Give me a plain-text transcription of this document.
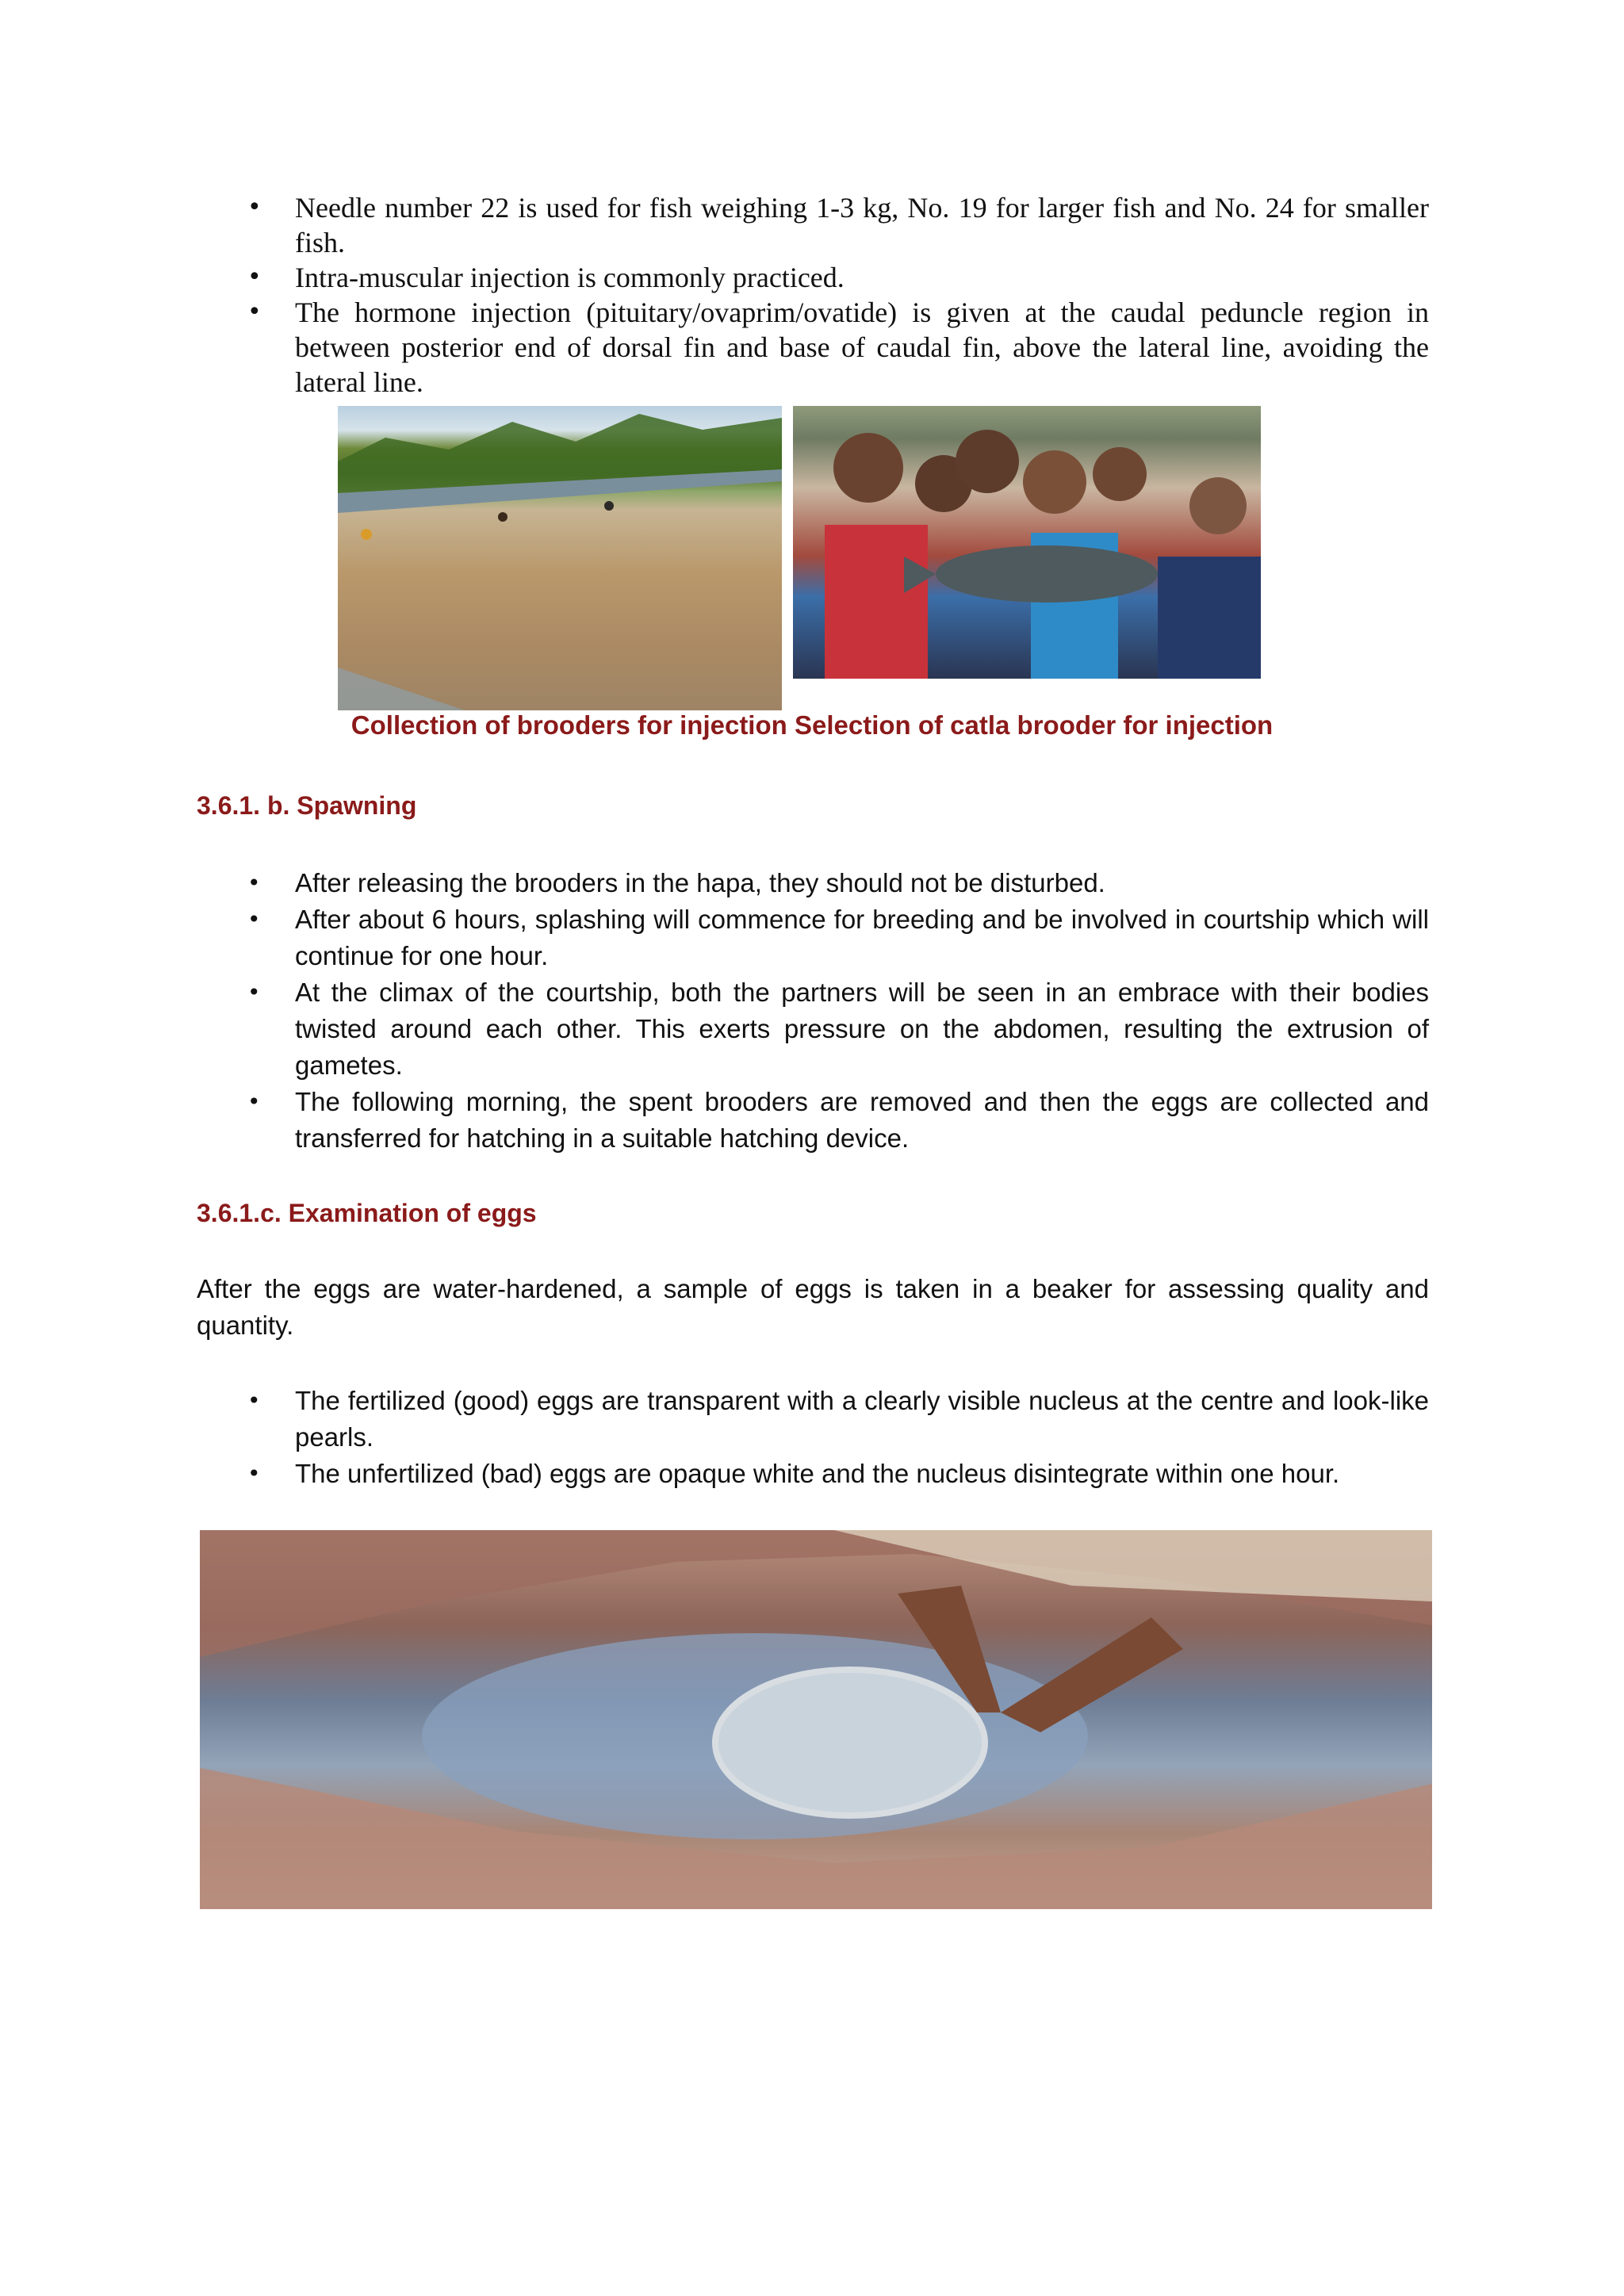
• Needle number 22 is used for fish weighing 1-3 kg, No. 19 for larger fish and No. 24 for smaller fish.

• Intra-muscular injection is commonly practiced.

• The hormone injection (pituitary/ovaprim/ovatide) is given at the caudal peduncle region in between posterior end of dorsal fin and base of caudal fin, above the lateral line, avoiding the lateral line.

Collection of brooders for injection Selection of catla brooder for injection
3.6.1. b. Spawning

• After releasing the brooders in the hapa, they should not be disturbed.

• After about 6 hours, splashing will commence for breeding and be involved in courtship which will continue for one hour.

• At the climax of the courtship, both the partners will be seen in an embrace with their bodies twisted around each other. This exerts pressure on the abdomen, resulting the extrusion of gametes.

• The following morning, the spent brooders are removed and then the eggs are collected and transferred for hatching in a suitable hatching device.

3.6.1.c. Examination of eggs

After the eggs are water-hardened, a sample of eggs is taken in a beaker for assessing quality and quantity.

• The fertilized (good) eggs are transparent with a clearly visible nucleus at the centre and look-like pearls.

• The unfertilized (bad) eggs are opaque white and the nucleus disintegrate within one hour.
